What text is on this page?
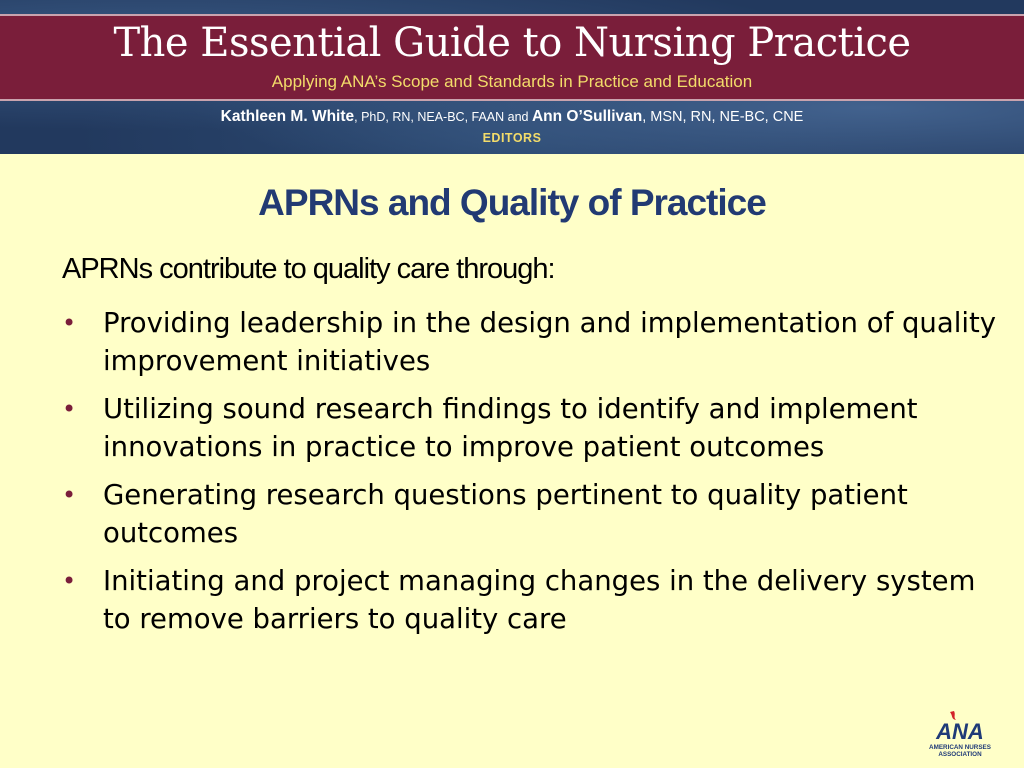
The Essential Guide to Nursing Practice
Applying ANA’s Scope and Standards in Practice and Education
Kathleen M. White, PhD, RN, NEA-BC, FAAN and Ann O’Sullivan, MSN, RN, NE-BC, CNE
EDITORS
APRNs and Quality of Practice
APRNs contribute to quality care through:
• Providing leadership in the design and implementation of quality improvement initiatives
• Utilizing sound research findings to identify and implement innovations in practice to improve patient outcomes
• Generating research questions pertinent to quality patient outcomes
• Initiating and project managing changes in the delivery system to remove barriers to quality care
ANA
AMERICAN NURSES
ASSOCIATION
